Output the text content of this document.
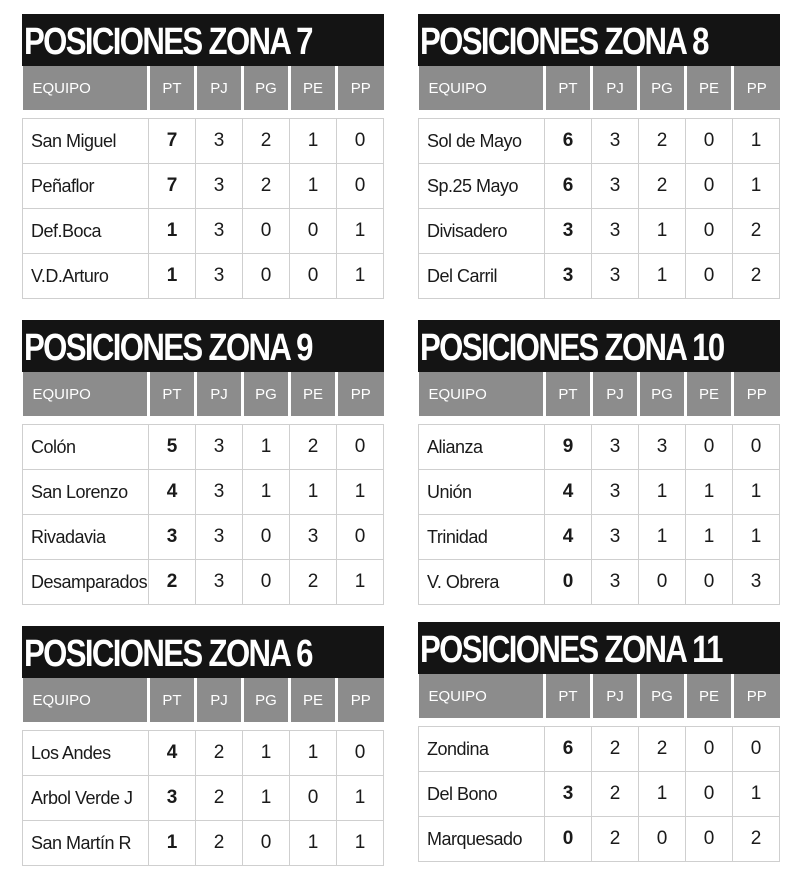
POSICIONES ZONA 7
EQUIPO	PT	PJ	PG	PE	PP

San Miguel	7	3	2	1	0
Peñaflor	7	3	2	1	0
Def.Boca	1	3	0	0	1
V.D.Arturo	1	3	0	0	1
POSICIONES ZONA 8
EQUIPO	PT	PJ	PG	PE	PP

Sol de Mayo	6	3	2	0	1
Sp.25 Mayo	6	3	2	0	1
Divisadero	3	3	1	0	2
Del Carril	3	3	1	0	2
POSICIONES ZONA 9
EQUIPO	PT	PJ	PG	PE	PP

Colón	5	3	1	2	0
San Lorenzo	4	3	1	1	1
Rivadavia	3	3	0	3	0
Desamparados	2	3	0	2	1
POSICIONES ZONA 10
EQUIPO	PT	PJ	PG	PE	PP

Alianza	9	3	3	0	0
Unión	4	3	1	1	1
Trinidad	4	3	1	1	1
V. Obrera	0	3	0	0	3
POSICIONES ZONA 6
EQUIPO	PT	PJ	PG	PE	PP

Los Andes	4	2	1	1	0
Arbol Verde J	3	2	1	0	1
San Martín R	1	2	0	1	1
POSICIONES ZONA 11
EQUIPO	PT	PJ	PG	PE	PP

Zondina	6	2	2	0	0
Del Bono	3	2	1	0	1
Marquesado	0	2	0	0	2
